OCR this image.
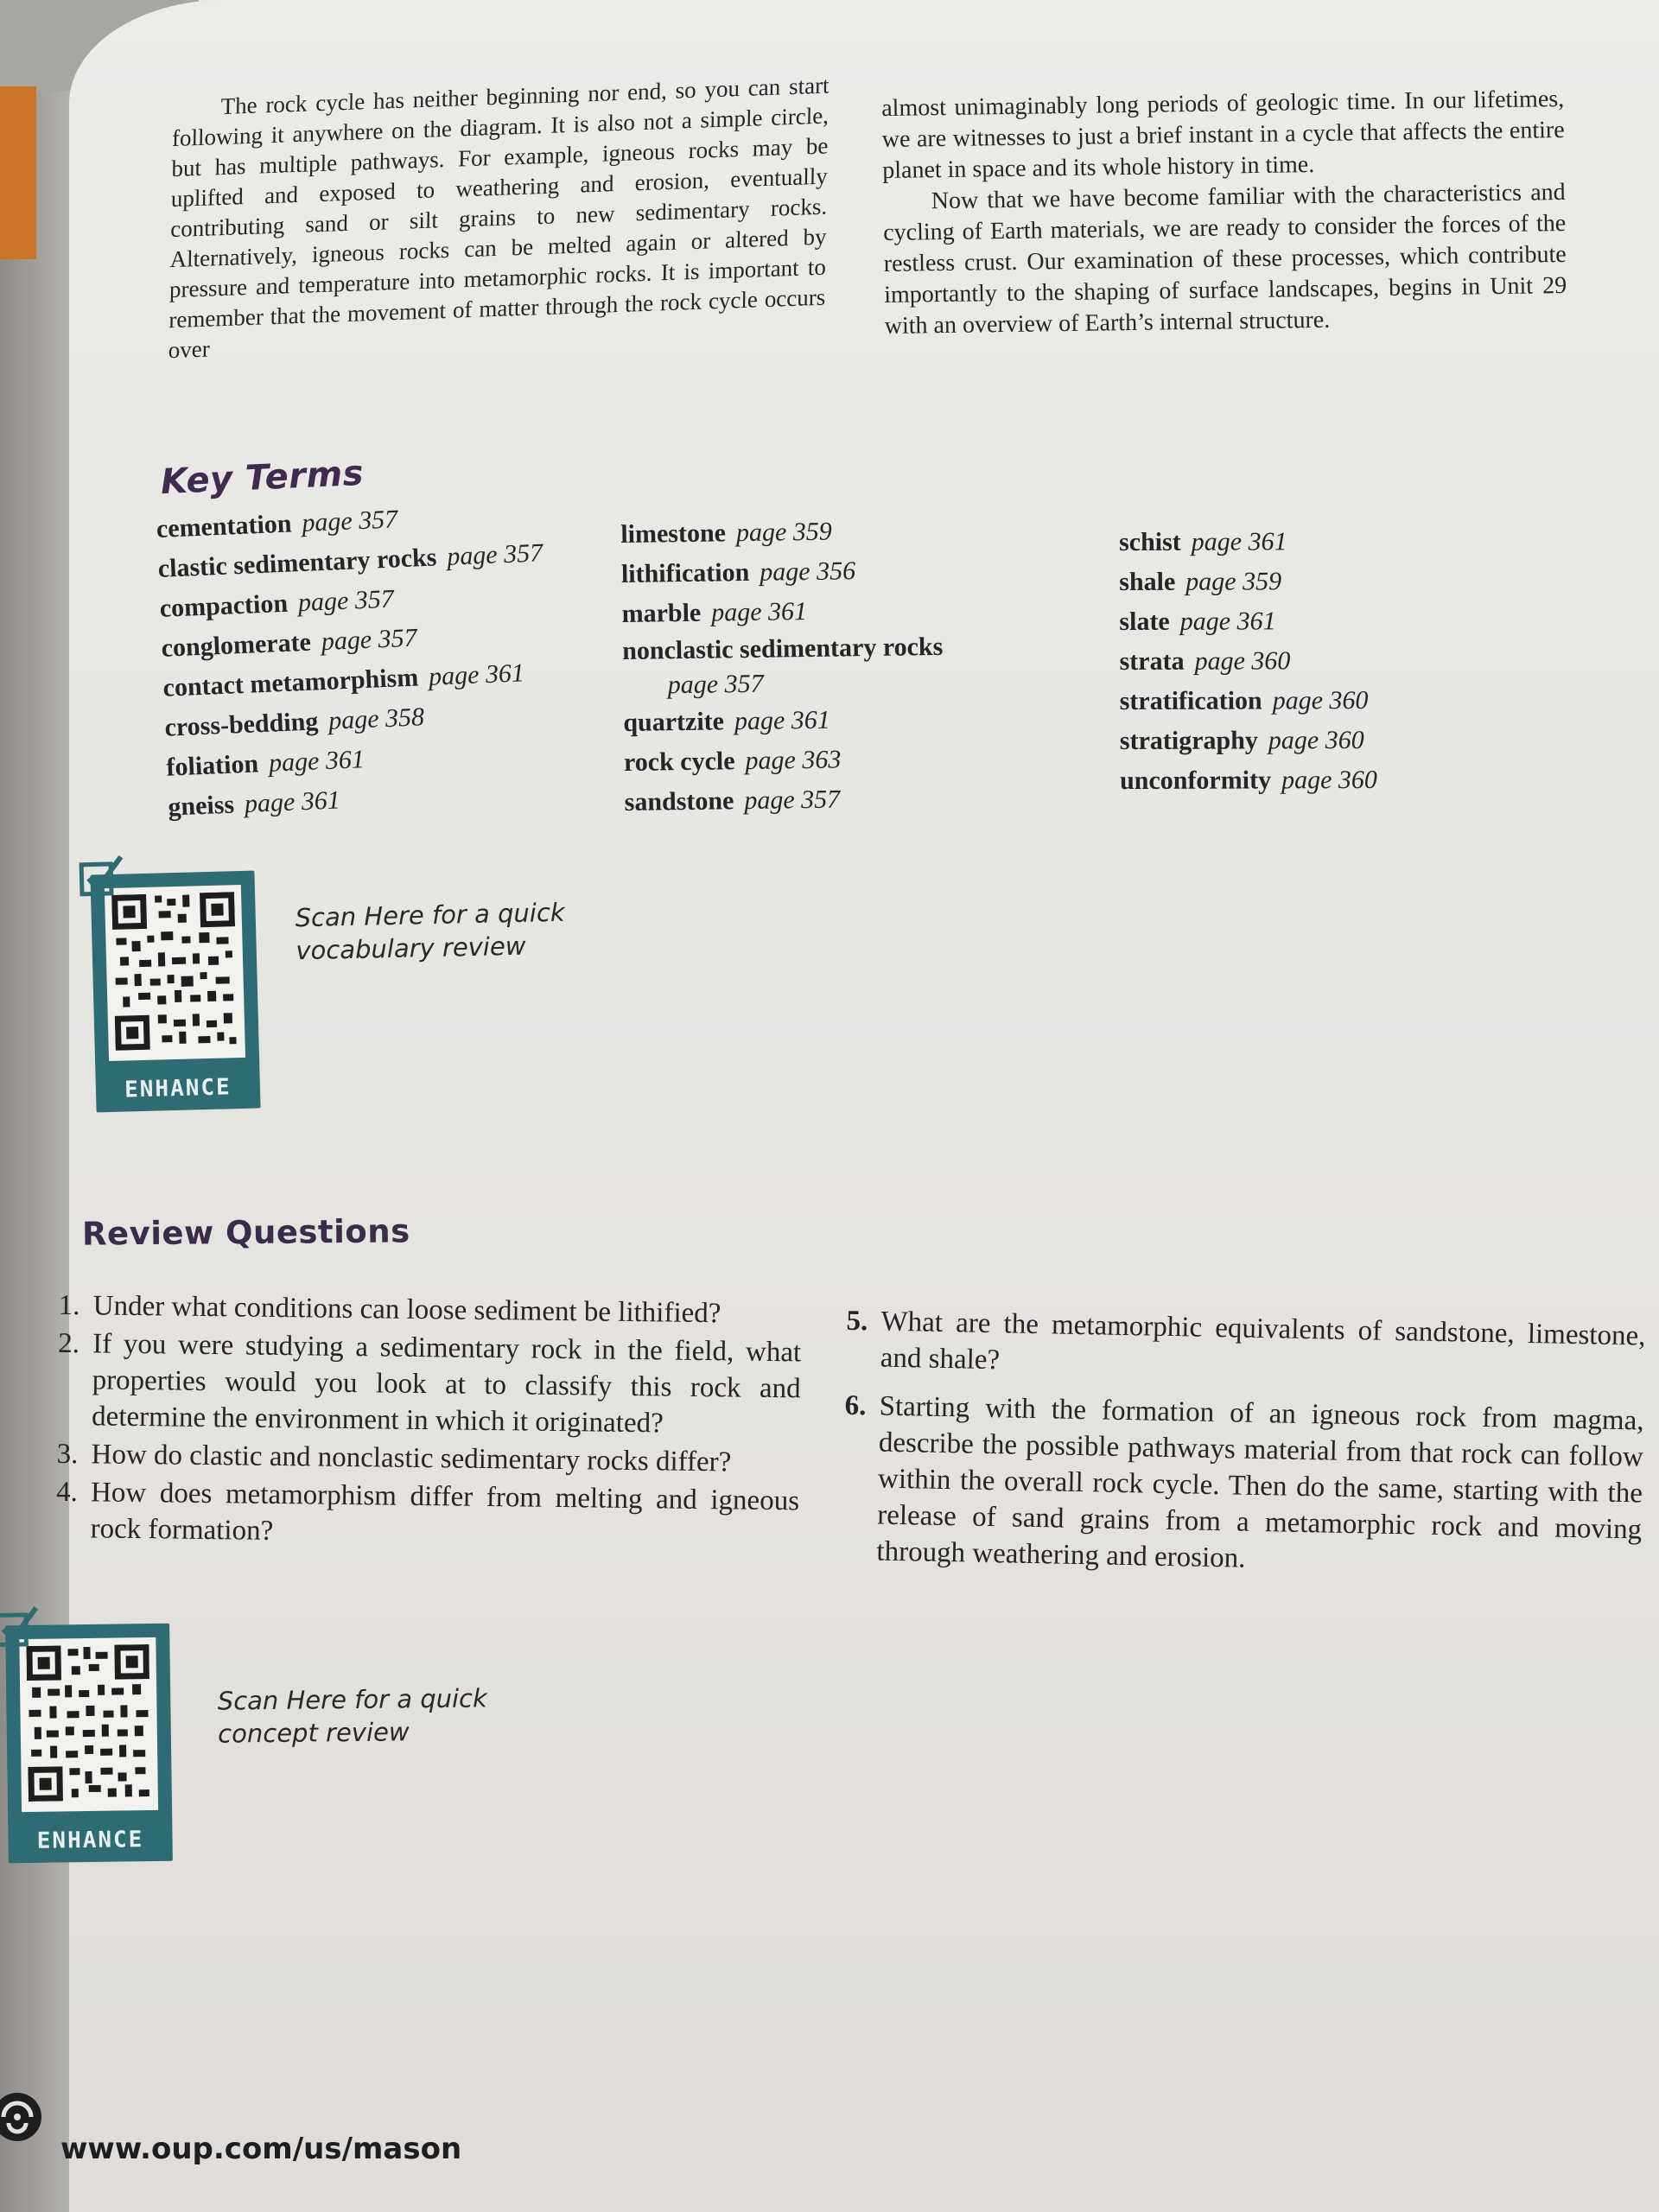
The rock cycle has neither beginning nor end, so you can start following it anywhere on the diagram. It is also not a simple circle, but has multiple pathways. For example, igneous rocks may be uplifted and exposed to weathering and erosion, eventually contributing sand or silt grains to new sedimentary rocks. Alternatively, igneous rocks can be melted again or altered by pressure and temperature into metamorphic rocks. It is important to remember that the movement of matter through the rock cycle occurs over

almost unimaginably long periods of geologic time. In our lifetimes, we are witnesses to just a brief instant in a cycle that affects the entire planet in space and its whole history in time.

Now that we have become familiar with the characteristics and cycling of Earth materials, we are ready to consider the forces of the restless crust. Our examination of these processes, which contribute importantly to the shaping of surface landscapes, begins in Unit 29 with an overview of Earth’s internal structure.

Key Terms
cementation page 357
clastic sedimentary rocks page 357
compaction page 357
conglomerate page 357
contact metamorphism page 361
cross-bedding page 358
foliation page 361
gneiss page 361
limestone page 359
lithification page 356
marble page 361
nonclastic sedimentary rocks
page 357
quartzite page 361
rock cycle page 363
sandstone page 357
schist page 361
shale page 359
slate page 361
strata page 360
stratification page 360
stratigraphy page 360
unconformity page 360
ENHANCE
Scan Here for a quick
vocabulary review
Review Questions
1. Under what conditions can loose sediment be lithified?
2. If you were studying a sedimentary rock in the field, what properties would you look at to classify this rock and determine the environment in which it originated?
3. How do clastic and nonclastic sedimentary rocks differ?
4. How does metamorphism differ from melting and igneous rock formation?
5. What are the metamorphic equivalents of sandstone, limestone, and shale?
6. Starting with the formation of an igneous rock from magma, describe the possible pathways material from that rock can follow within the overall rock cycle. Then do the same, starting with the release of sand grains from a metamorphic rock and moving through weathering and erosion.
ENHANCE
Scan Here for a quick
concept review
www.oup.com/us/mason
